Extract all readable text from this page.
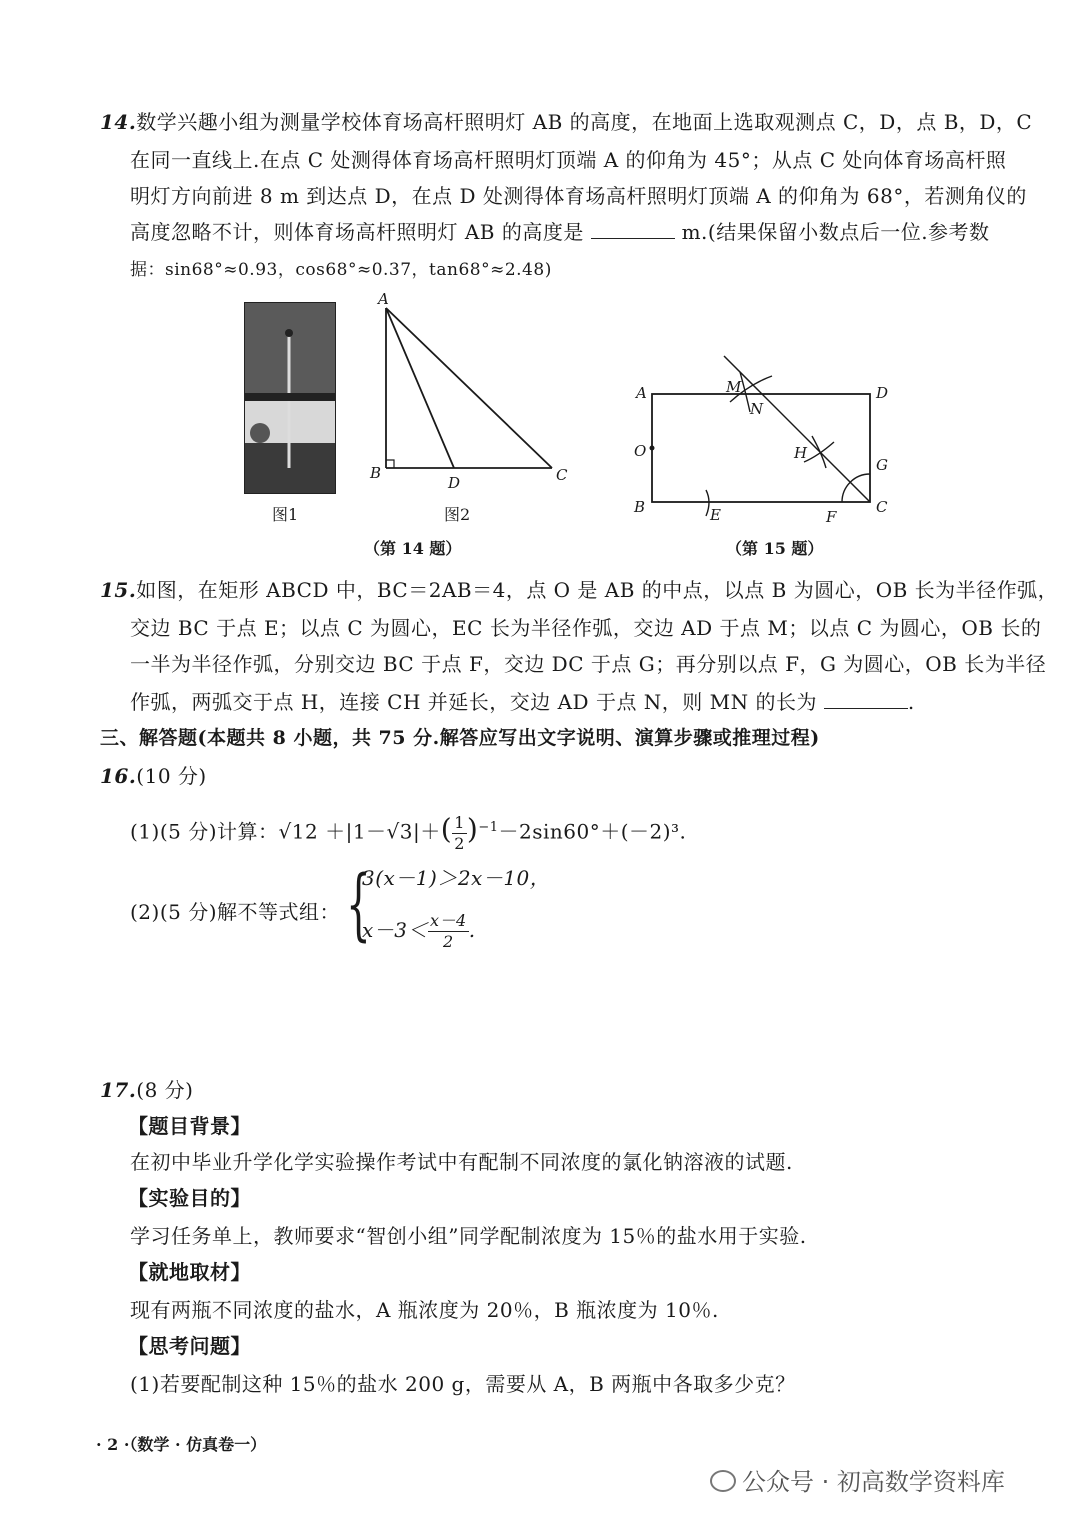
14.数学兴趣小组为测量学校体育场高杆照明灯 AB 的高度，在地面上选取观测点 C，D，点 B，D，C
在同一直线上.在点 C 处测得体育场高杆照明灯顶端 A 的仰角为 45°；从点 C 处向体育场高杆照
明灯方向前进 8 m 到达点 D，在点 D 处测得体育场高杆照明灯顶端 A 的仰角为 68°，若测角仪的
高度忽略不计，则体育场高杆照明灯 AB 的高度是	m.(结果保留小数点后一位.参考数
据：sin68°≈0.93，cos68°≈0.37，tan68°≈2.48)
图1
A
B
D	C
图2
（第 14 题）
A	M
N
D
O	H
G
B	E	F
C
（第 15 题）
15.如图，在矩形 ABCD 中，BC＝2AB＝4，点 O 是 AB 的中点，以点 B 为圆心，OB 长为半径作弧，
交边 BC 于点 E；以点 C 为圆心，EC 长为半径作弧，交边 AD 于点 M；以点 C 为圆心，OB 长的
一半为半径作弧，分别交边 BC 于点 F，交边 DC 于点 G；再分别以点 F，G 为圆心，OB 长为半径
作弧，两弧交于点 H，连接 CH 并延长，交边 AD 于点 N，则 MN 的长为	.
三、解答题(本题共 8 小题，共 75 分.解答应写出文字说明、演算步骤或推理过程)
16.(10 分)
(1)(5 分)计算：$√12 +|1-√3|+( \frac{1}{2} )^{-1}-2\sin 60^\circ+(-2)^3$.
(2)(5 分)解不等式组： {
3(x－1)＞2x－10，
$x-3< \frac{x-4}{2}$ .
17.(8 分)
【题目背景】
在初中毕业升学化学实验操作考试中有配制不同浓度的氯化钠溶液的试题.
【实验目的】
学习任务单上，教师要求“智创小组”同学配制浓度为 15％的盐水用于实验.
【就地取材】
现有两瓶不同浓度的盐水，A 瓶浓度为 20％，B 瓶浓度为 10％.
【思考问题】
(1)若要配制这种 15％的盐水 200 g，需要从 A，B 两瓶中各取多少克？
· 2 ·（数学 · 仿真卷一）
公众号 · 初高数学资料库
